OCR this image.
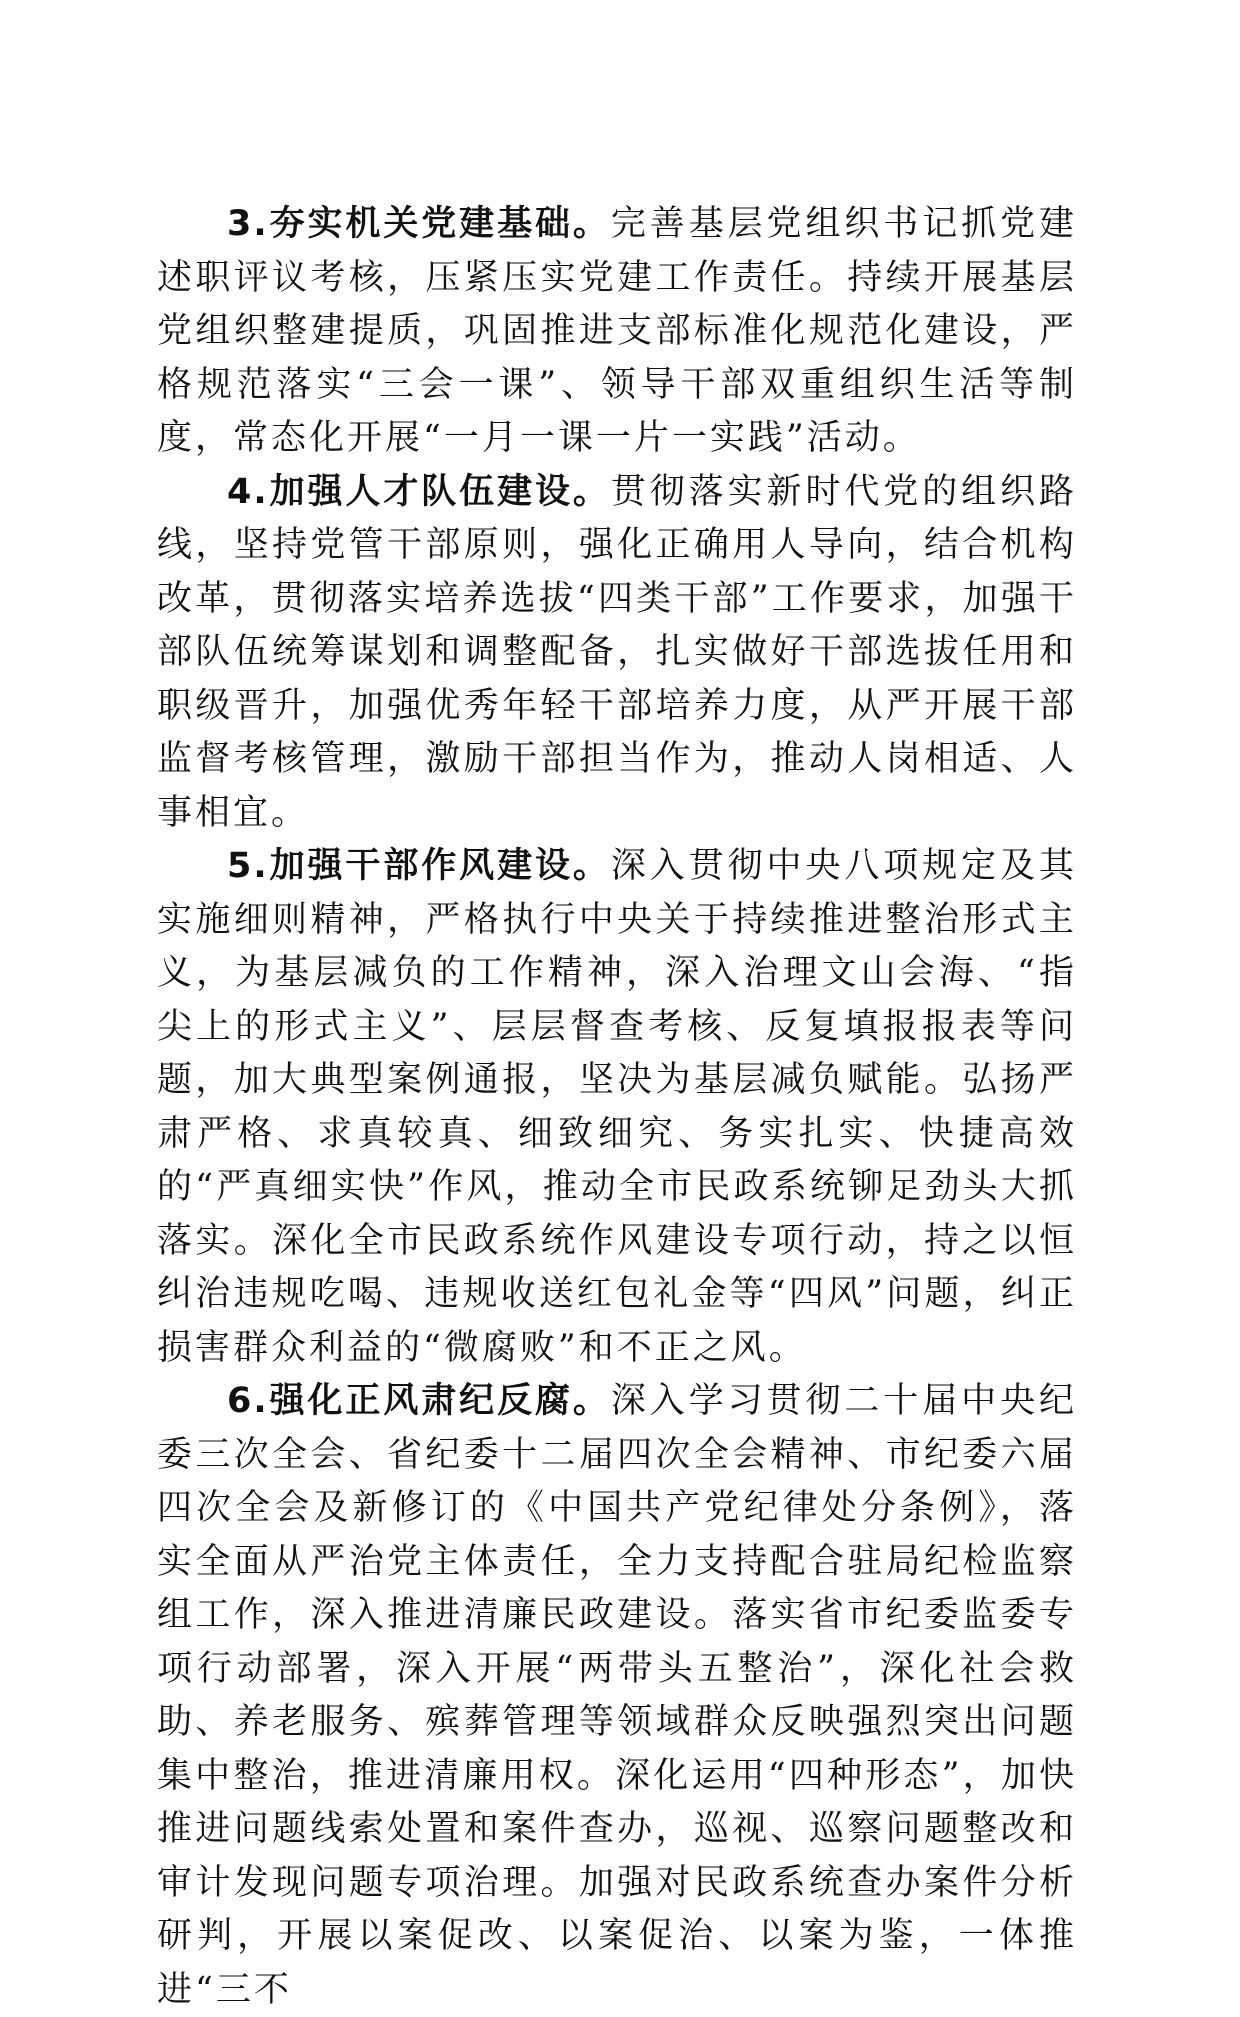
3.夯实机关党建基础。完善基层党组织书记抓党建述职评议考核，压紧压实党建工作责任。持续开展基层党组织整建提质，巩固推进支部标准化规范化建设，严格规范落实“三会一课”、领导干部双重组织生活等制度，常态化开展“一月一课一片一实践”活动。

4.加强人才队伍建设。贯彻落实新时代党的组织路线，坚持党管干部原则，强化正确用人导向，结合机构改革，贯彻落实培养选拔“四类干部”工作要求，加强干部队伍统筹谋划和调整配备，扎实做好干部选拔任用和职级晋升，加强优秀年轻干部培养力度，从严开展干部监督考核管理，激励干部担当作为，推动人岗相适、人事相宜。

5.加强干部作风建设。深入贯彻中央八项规定及其实施细则精神，严格执行中央关于持续推进整治形式主义，为基层减负的工作精神，深入治理文山会海、“指尖上的形式主义”、层层督查考核、反复填报报表等问题，加大典型案例通报，坚决为基层减负赋能。弘扬严肃严格、求真较真、细致细究、务实扎实、快捷高效的“严真细实快”作风，推动全市民政系统铆足劲头大抓落实。深化全市民政系统作风建设专项行动，持之以恒纠治违规吃喝、违规收送红包礼金等“四风”问题，纠正损害群众利益的“微腐败”和不正之风。

6.强化正风肃纪反腐。深入学习贯彻二十届中央纪委三次全会、省纪委十二届四次全会精神、市纪委六届四次全会及新修订的《中国共产党纪律处分条例》，落实全面从严治党主体责任，全力支持配合驻局纪检监察组工作，深入推进清廉民政建设。落实省市纪委监委专项行动部署，深入开展“两带头五整治”，深化社会救助、养老服务、殡葬管理等领域群众反映强烈突出问题集中整治，推进清廉用权。深化运用“四种形态”，加快推进问题线索处置和案件查办，巡视、巡察问题整改和审计发现问题专项治理。加强对民政系统查办案件分析研判，开展以案促改、以案促治、以案为鉴，一体推进“三不
